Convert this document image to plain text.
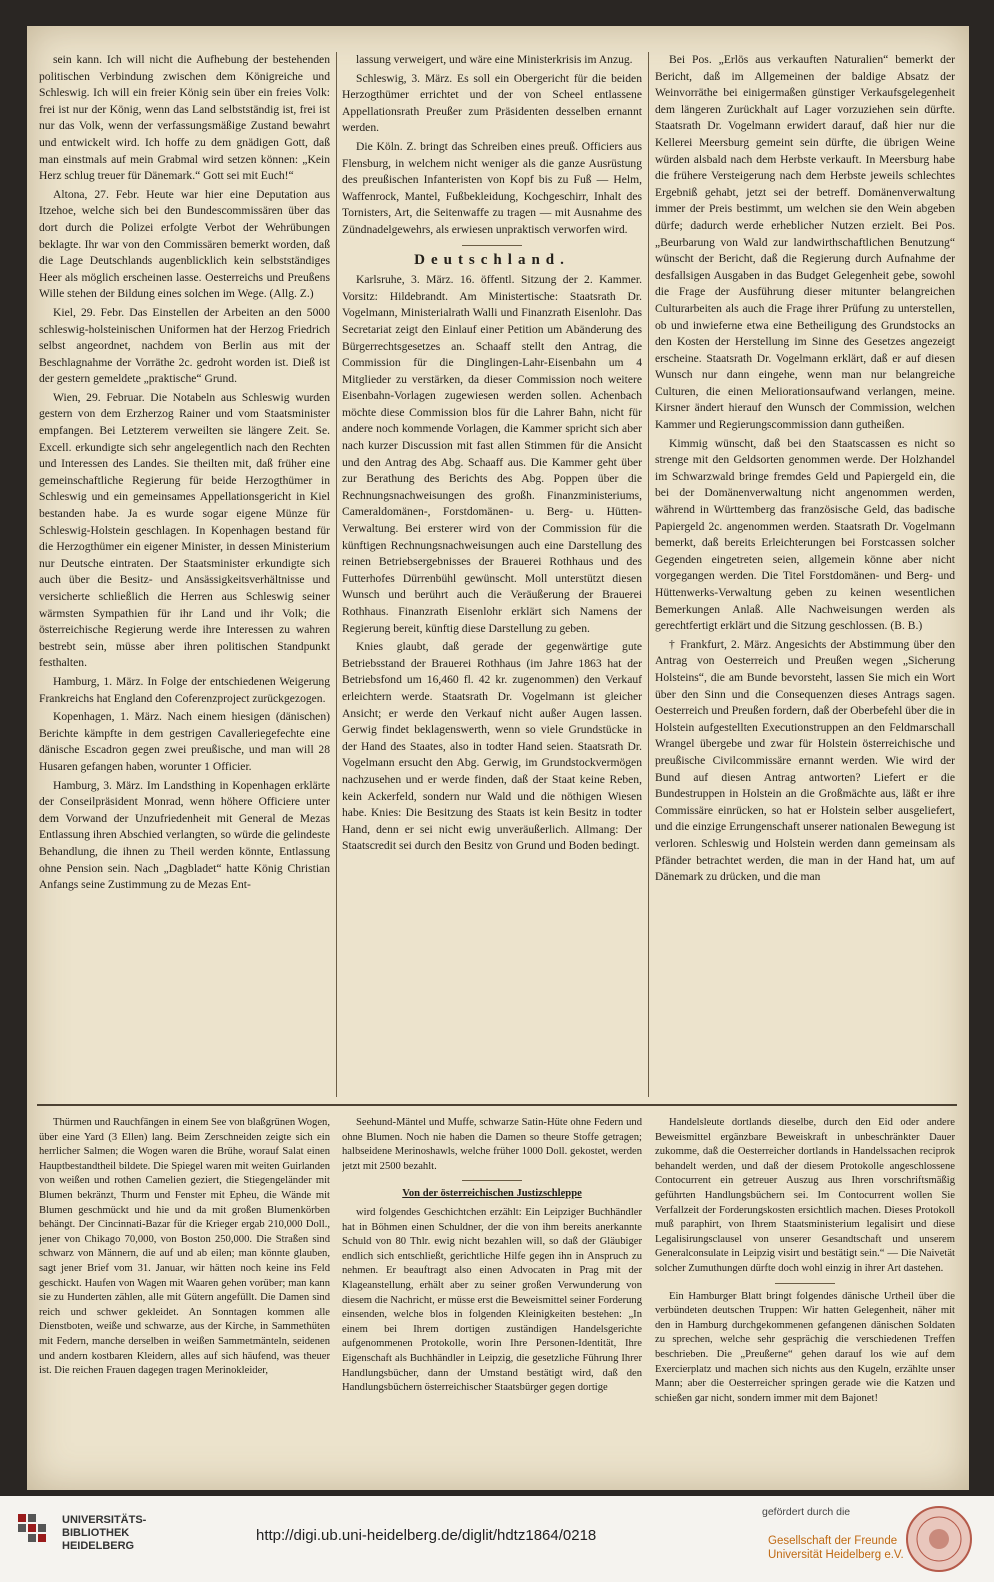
sein kann. Ich will nicht die Aufhebung der bestehenden politischen Verbindung zwischen dem Königreiche und Schleswig. Ich will ein freier König sein über ein freies Volk: frei ist nur der König, wenn das Land selbstständig ist, frei ist nur das Volk, wenn der verfassungsmäßige Zustand bewahrt und entwickelt wird. Ich hoffe zu dem gnädigen Gott, daß man einstmals auf mein Grabmal wird setzen können: „Kein Herz schlug treuer für Dänemark.“ Gott sei mit Euch!“

Altona, 27. Febr. Heute war hier eine Deputation aus Itzehoe, welche sich bei den Bundescommissären über das dort durch die Polizei erfolgte Verbot der Wehrübungen beklagte. Ihr war von den Commissären bemerkt worden, daß die Lage Deutschlands augenblicklich kein selbstständiges Heer als möglich erscheinen lasse. Oesterreichs und Preußens Wille stehen der Bildung eines solchen im Wege. (Allg. Z.)

Kiel, 29. Febr. Das Einstellen der Arbeiten an den 5000 schleswig-holsteinischen Uniformen hat der Herzog Friedrich selbst angeordnet, nachdem von Berlin aus mit der Beschlagnahme der Vorräthe 2c. gedroht worden ist. Dieß ist der gestern gemeldete „praktische“ Grund.

Wien, 29. Februar. Die Notabeln aus Schleswig wurden gestern von dem Erzherzog Rainer und vom Staatsminister empfangen. Bei Letzterem verweilten sie längere Zeit. Se. Excell. erkundigte sich sehr angelegentlich nach den Rechten und Interessen des Landes. Sie theilten mit, daß früher eine gemeinschaftliche Regierung für beide Herzogthümer in Schleswig und ein gemeinsames Appellationsgericht in Kiel bestanden habe. Ja es wurde sogar eigene Münze für Schleswig-Holstein geschlagen. In Kopenhagen bestand für die Herzogthümer ein eigener Minister, in dessen Ministerium nur Deutsche eintraten. Der Staatsminister erkundigte sich auch über die Besitz- und Ansässigkeitsverhältnisse und versicherte schließlich die Herren aus Schleswig seiner wärmsten Sympathien für ihr Land und ihr Volk; die österreichische Regierung werde ihre Interessen zu wahren bestrebt sein, müsse aber ihren politischen Standpunkt festhalten.

Hamburg, 1. März. In Folge der entschiedenen Weigerung Frankreichs hat England den Coferenzproject zurückgezogen.

Kopenhagen, 1. März. Nach einem hiesigen (dänischen) Berichte kämpfte in dem gestrigen Cavalleriegefechte eine dänische Escadron gegen zwei preußische, und man will 28 Husaren gefangen haben, worunter 1 Officier.

Hamburg, 3. März. Im Landsthing in Kopenhagen erklärte der Conseilpräsident Monrad, wenn höhere Officiere unter dem Vorwand der Unzufriedenheit mit General de Mezas Entlassung ihren Abschied verlangten, so würde die gelindeste Behandlung, die ihnen zu Theil werden könnte, Entlassung ohne Pension sein. Nach „Dagbladet“ hatte König Christian Anfangs seine Zustimmung zu de Mezas Ent-

lassung verweigert, und wäre eine Ministerkrisis im Anzug.

Schleswig, 3. März. Es soll ein Obergericht für die beiden Herzogthümer errichtet und der von Scheel entlassene Appellationsrath Preußer zum Präsidenten desselben ernannt werden.

Die Köln. Z. bringt das Schreiben eines preuß. Officiers aus Flensburg, in welchem nicht weniger als die ganze Ausrüstung des preußischen Infanteristen von Kopf bis zu Fuß — Helm, Waffenrock, Mantel, Fußbekleidung, Kochgeschirr, Inhalt des Tornisters, Art, die Seitenwaffe zu tragen — mit Ausnahme des Zündnadelgewehrs, als erwiesen unpraktisch verworfen wird.

Deutschland.

Karlsruhe, 3. März. 16. öffentl. Sitzung der 2. Kammer. Vorsitz: Hildebrandt. Am Ministertische: Staatsrath Dr. Vogelmann, Ministerialrath Walli und Finanzrath Eisenlohr. Das Secretariat zeigt den Einlauf einer Petition um Abänderung des Bürgerrechtsgesetzes an. Schaaff stellt den Antrag, die Commission für die Dinglingen-Lahr-Eisenbahn um 4 Mitglieder zu verstärken, da dieser Commission noch weitere Eisenbahn-Vorlagen zugewiesen werden sollen. Achenbach möchte diese Commission blos für die Lahrer Bahn, nicht für andere noch kommende Vorlagen, die Kammer spricht sich aber nach kurzer Discussion mit fast allen Stimmen für die Ansicht und den Antrag des Abg. Schaaff aus. Die Kammer geht über zur Berathung des Berichts des Abg. Poppen über die Rechnungsnachweisungen des großh. Finanzministeriums, Cameraldomänen-, Forstdomänen- u. Berg- u. Hütten-Verwaltung. Bei ersterer wird von der Commission für die künftigen Rechnungsnachweisungen auch eine Darstellung des reinen Betriebsergebnisses der Brauerei Rothhaus und des Futterhofes Dürrenbühl gewünscht. Moll unterstützt diesen Wunsch und berührt auch die Veräußerung der Brauerei Rothhaus. Finanzrath Eisenlohr erklärt sich Namens der Regierung bereit, künftig diese Darstellung zu geben.

Knies glaubt, daß gerade der gegenwärtige gute Betriebsstand der Brauerei Rothhaus (im Jahre 1863 hat der Betriebsfond um 16,460 fl. 42 kr. zugenommen) den Verkauf erleichtern werde. Staatsrath Dr. Vogelmann ist gleicher Ansicht; er werde den Verkauf nicht außer Augen lassen. Gerwig findet beklagenswerth, wenn so viele Grundstücke in der Hand des Staates, also in todter Hand seien. Staatsrath Dr. Vogelmann ersucht den Abg. Gerwig, im Grundstockvermögen nachzusehen und er werde finden, daß der Staat keine Reben, kein Ackerfeld, sondern nur Wald und die nöthigen Wiesen habe. Knies: Die Besitzung des Staats ist kein Besitz in todter Hand, denn er sei nicht ewig unveräußerlich. Allmang: Der Staatscredit sei durch den Besitz von Grund und Boden bedingt.

Bei Pos. „Erlös aus verkauften Naturalien“ bemerkt der Bericht, daß im Allgemeinen der baldige Absatz der Weinvorräthe bei einigermaßen günstiger Verkaufsgelegenheit dem längeren Zurückhalt auf Lager vorzuziehen sein dürfte. Staatsrath Dr. Vogelmann erwidert darauf, daß hier nur die Kellerei Meersburg gemeint sein dürfte, die übrigen Weine würden alsbald nach dem Herbste verkauft. In Meersburg habe die frühere Versteigerung nach dem Herbste jeweils schlechtes Ergebniß gehabt, jetzt sei der betreff. Domänenverwaltung immer der Preis bestimmt, um welchen sie den Wein abgeben dürfe; dadurch werde erheblicher Nutzen erzielt. Bei Pos. „Beurbarung von Wald zur landwirthschaftlichen Benutzung“ wünscht der Bericht, daß die Regierung durch Aufnahme der desfallsigen Ausgaben in das Budget Gelegenheit gebe, sowohl die Frage der Ausführung dieser mitunter belangreichen Culturarbeiten als auch die Frage ihrer Prüfung zu unterstellen, ob und inwieferne etwa eine Betheiligung des Grundstocks an den Kosten der Herstellung im Sinne des Gesetzes angezeigt erscheine. Staatsrath Dr. Vogelmann erklärt, daß er auf diesen Wunsch nur dann eingehe, wenn man nur belangreiche Culturen, die einen Meliorationsaufwand verlangen, meine. Kirsner ändert hierauf den Wunsch der Commission, welchen Kammer und Regierungscommission dann gutheißen.

Kimmig wünscht, daß bei den Staatscassen es nicht so strenge mit den Geldsorten genommen werde. Der Holzhandel im Schwarzwald bringe fremdes Geld und Papiergeld ein, die bei der Domänenverwaltung nicht angenommen werden, während in Württemberg das französische Geld, das badische Papiergeld 2c. angenommen werden. Staatsrath Dr. Vogelmann bemerkt, daß bereits Erleichterungen bei Forstcassen solcher Gegenden eingetreten seien, allgemein könne aber nicht vorgegangen werden. Die Titel Forstdomänen- und Berg- und Hüttenwerks-Verwaltung geben zu keinen wesentlichen Bemerkungen Anlaß. Alle Nachweisungen werden als gerechtfertigt erklärt und die Sitzung geschlossen. (B. B.)

† Frankfurt, 2. März. Angesichts der Abstimmung über den Antrag von Oesterreich und Preußen wegen „Sicherung Holsteins“, die am Bunde bevorsteht, lassen Sie mich ein Wort über den Sinn und die Consequenzen dieses Antrags sagen. Oesterreich und Preußen fordern, daß der Oberbefehl über die in Holstein aufgestellten Executionstruppen an den Feldmarschall Wrangel übergebe und zwar für Holstein österreichische und preußische Civilcommissäre ernannt werden. Wie wird der Bund auf diesen Antrag antworten? Liefert er die Bundestruppen in Holstein an die Großmächte aus, läßt er ihre Commissäre einrücken, so hat er Holstein selber ausgeliefert, und die einzige Errungenschaft unserer nationalen Bewegung ist verloren. Schleswig und Holstein werden dann gemeinsam als Pfänder betrachtet werden, die man in der Hand hat, um auf Dänemark zu drücken, und die man

Thürmen und Rauchfängen in einem See von blaßgrünen Wogen, über eine Yard (3 Ellen) lang. Beim Zerschneiden zeigte sich ein herrlicher Salmen; die Wogen waren die Brühe, worauf Salat einen Hauptbestandtheil bildete. Die Spiegel waren mit weiten Guirlanden von weißen und rothen Camelien geziert, die Stiegengeländer mit Blumen bekränzt, Thurm und Fenster mit Epheu, die Wände mit Blumen geschmückt und hie und da mit großen Blumenkörben behängt. Der Cincinnati-Bazar für die Krieger ergab 210,000 Doll., jener von Chikago 70,000, von Boston 250,000. Die Straßen sind schwarz von Männern, die auf und ab eilen; man könnte glauben, sagt jener Brief vom 31. Januar, wir hätten noch keine ins Feld geschickt. Haufen von Wagen mit Waaren gehen vorüber; man kann sie zu Hunderten zählen, alle mit Gütern angefüllt. Die Damen sind reich und schwer gekleidet. An Sonntagen kommen alle Dienstboten, weiße und schwarze, aus der Kirche, in Sammethüten mit Federn, manche derselben in weißen Sammetmänteln, seidenen und andern kostbaren Kleidern, alles auf sich häufend, was theuer ist. Die reichen Frauen dagegen tragen Merinokleider,

Seehund-Mäntel und Muffe, schwarze Satin-Hüte ohne Federn und ohne Blumen. Noch nie haben die Damen so theure Stoffe getragen; halbseidene Merinoshawls, welche früher 1000 Doll. gekostet, werden jetzt mit 2500 bezahlt.

Von der österreichischen Justizschleppe

wird folgendes Geschichtchen erzählt: Ein Leipziger Buchhändler hat in Böhmen einen Schuldner, der die von ihm bereits anerkannte Schuld von 80 Thlr. ewig nicht bezahlen will, so daß der Gläubiger endlich sich entschließt, gerichtliche Hilfe gegen ihn in Anspruch zu nehmen. Er beauftragt also einen Advocaten in Prag mit der Klageanstellung, erhält aber zu seiner großen Verwunderung von diesem die Nachricht, er müsse erst die Beweismittel seiner Forderung einsenden, welche blos in folgenden Kleinigkeiten bestehen: „In einem bei Ihrem dortigen zuständigen Handelsgerichte aufgenommenen Protokolle, worin Ihre Personen-Identität, Ihre Eigenschaft als Buchhändler in Leipzig, die gesetzliche Führung Ihrer Handlungsbücher, dann der Umstand bestätigt wird, daß den Handlungsbüchern österreichischer Staatsbürger gegen dortige

Handelsleute dortlands dieselbe, durch den Eid oder andere Beweismittel ergänzbare Beweiskraft in unbeschränkter Dauer zukomme, daß die Oesterreicher dortlands in Handelssachen reciprok behandelt werden, und daß der diesem Protokolle angeschlossene Contocurrent ein getreuer Auszug aus Ihren vorschriftsmäßig geführten Handlungsbüchern sei. Im Contocurrent wollen Sie Verfallzeit der Forderungskosten ersichtlich machen. Dieses Protokoll muß paraphirt, von Ihrem Staatsministerium legalisirt und diese Legalisirungsclausel von unserer Gesandtschaft und unserem Generalconsulate in Leipzig visirt und bestätigt sein.“ — Die Naivetät solcher Zumuthungen dürfte doch wohl einzig in ihrer Art dastehen.

Ein Hamburger Blatt bringt folgendes dänische Urtheil über die verbündeten deutschen Truppen: Wir hatten Gelegenheit, näher mit den in Hamburg durchgekommenen gefangenen dänischen Soldaten zu sprechen, welche sehr gesprächig die verschiedenen Treffen beschrieben. Die „Preußerne“ gehen darauf los wie auf dem Exercierplatz und machen sich nichts aus den Kugeln, erzählte unser Mann; aber die Oesterreicher springen gerade wie die Katzen und schießen gar nicht, sondern immer mit dem Bajonet!

UNIVERSITÄTS-
BIBLIOTHEK
HEIDELBERG
http://digi.ub.uni-heidelberg.de/diglit/hdtz1864/0218
gefördert durch die
Gesellschaft der Freunde
Universität Heidelberg e.V.
